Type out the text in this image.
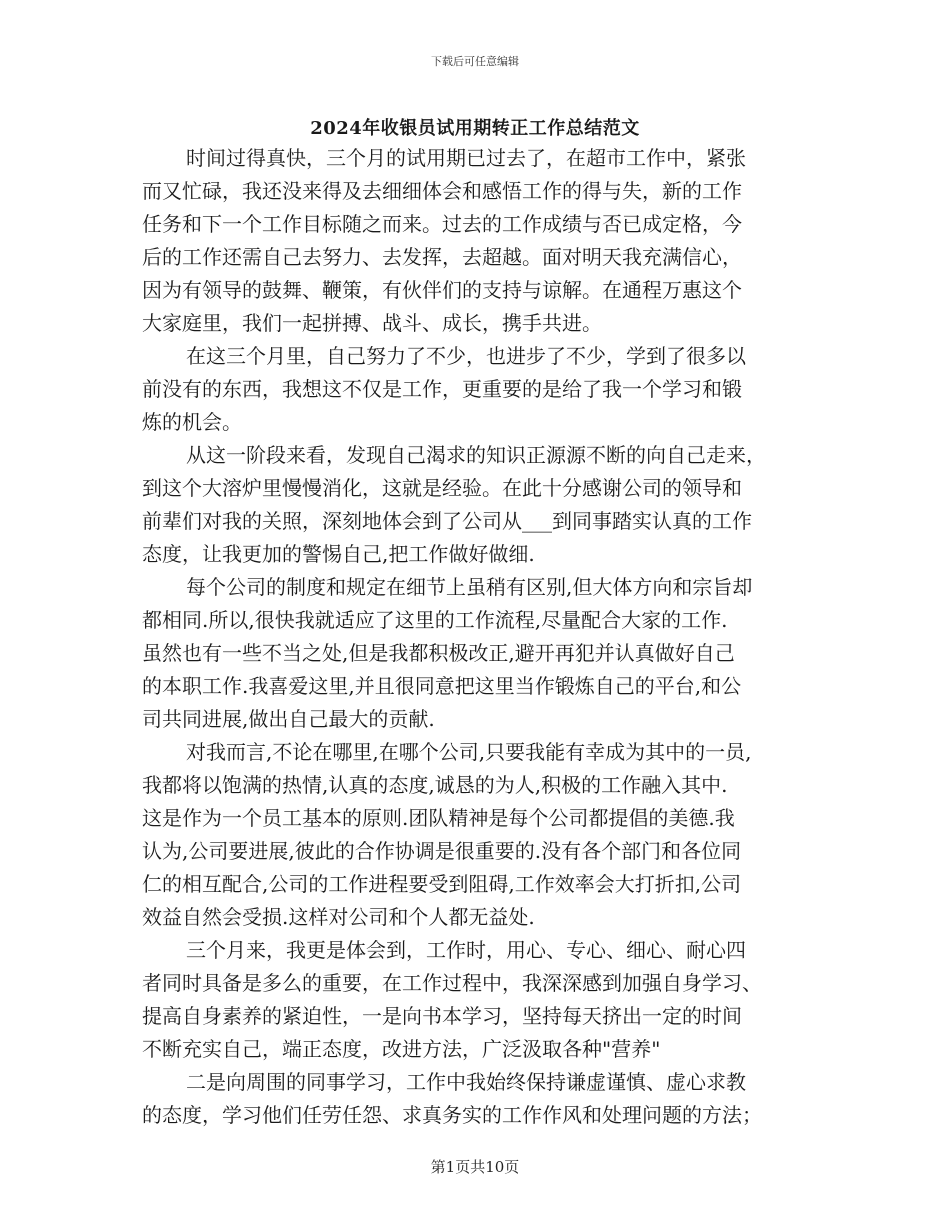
下载后可任意编辑
2024年收银员试用期转正工作总结范文

时间过得真快，三个月的试用期已过去了，在超市工作中，紧张
而又忙碌，我还没来得及去细细体会和感悟工作的得与失，新的工作
任务和下一个工作目标随之而来。过去的工作成绩与否已成定格，今
后的工作还需自己去努力、去发挥，去超越。面对明天我充满信心，
因为有领导的鼓舞、鞭策，有伙伴们的支持与谅解。在通程万惠这个
大家庭里，我们一起拼搏、战斗、成长，携手共进。

在这三个月里，自己努力了不少，也进步了不少，学到了很多以
前没有的东西，我想这不仅是工作，更重要的是给了我一个学习和锻
炼的机会。

从这一阶段来看，发现自己渴求的知识正源源不断的向自己走来，
到这个大溶炉里慢慢消化，这就是经验。在此十分感谢公司的领导和
前辈们对我的关照，深刻地体会到了公司从___到同事踏实认真的工作
态度，让我更加的警惕自己,把工作做好做细.

每个公司的制度和规定在细节上虽稍有区别,但大体方向和宗旨却
都相同.所以,很快我就适应了这里的工作流程,尽量配合大家的工作.
虽然也有一些不当之处,但是我都积极改正,避开再犯并认真做好自己
的本职工作.我喜爱这里,并且很同意把这里当作锻炼自己的平台,和公
司共同进展,做出自己最大的贡献.

对我而言,不论在哪里,在哪个公司,只要我能有幸成为其中的一员,
我都将以饱满的热情,认真的态度,诚恳的为人,积极的工作融入其中.
这是作为一个员工基本的原则.团队精神是每个公司都提倡的美德.我
认为,公司要进展,彼此的合作协调是很重要的.没有各个部门和各位同
仁的相互配合,公司的工作进程要受到阻碍,工作效率会大打折扣,公司
效益自然会受损.这样对公司和个人都无益处.

三个月来，我更是体会到，工作时，用心、专心、细心、耐心四
者同时具备是多么的重要，在工作过程中，我深深感到加强自身学习、
提高自身素养的紧迫性，一是向书本学习，坚持每天挤出一定的时间
不断充实自己，端正态度，改进方法，广泛汲取各种"营养"

二是向周围的同事学习，工作中我始终保持谦虚谨慎、虚心求教
的态度，学习他们任劳任怨、求真务实的工作作风和处理问题的方法；

第1页共10页
